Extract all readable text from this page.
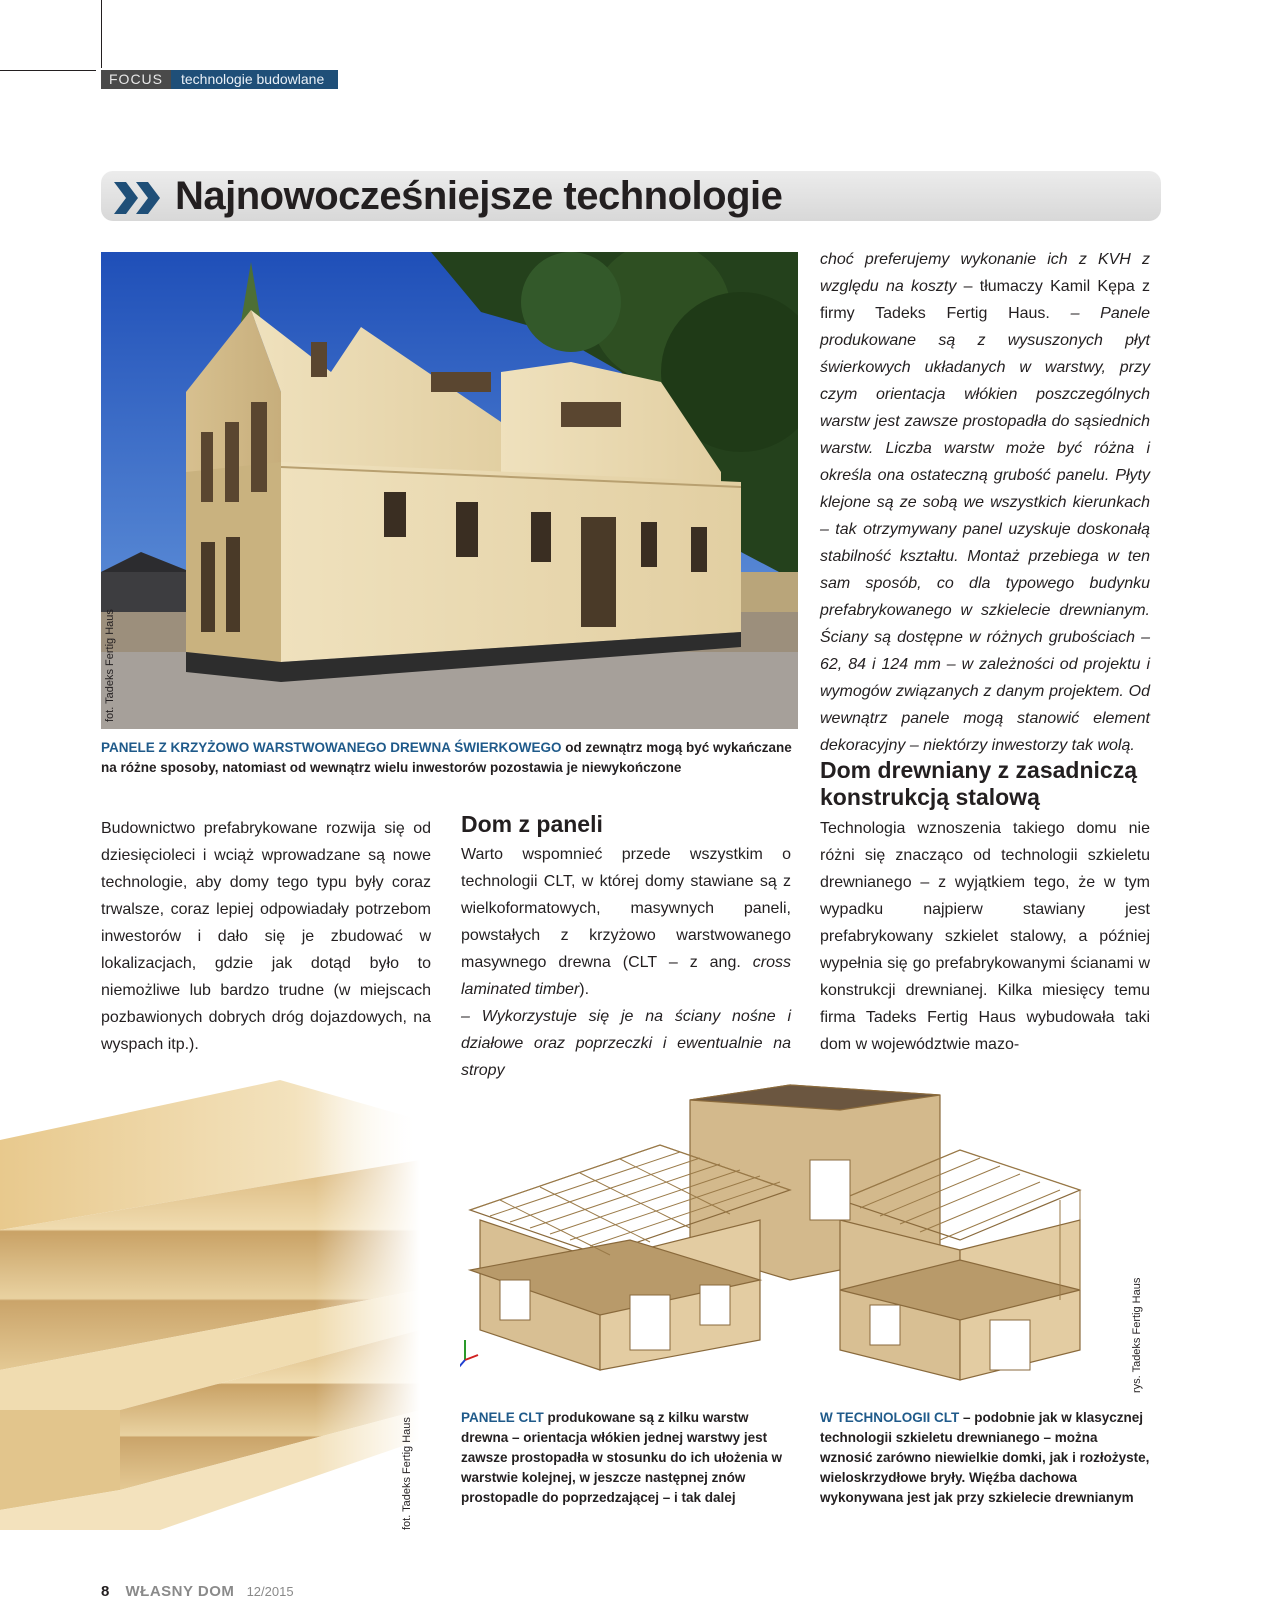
FOCUS	technologie budowlane
Najnowocześniejsze technologie
fot. Tadeks Fertig Haus
PANELE Z KRZYŻOWO WARSTWOWANEGO DREWNA ŚWIERKOWEGO od zewnątrz mogą być wykańczane na różne sposoby, natomiast od wewnątrz wielu inwestorów pozostawia je niewykończone
Budownictwo prefabrykowane rozwija się od dziesięcioleci i wciąż wprowadzane są nowe technologie, aby domy tego typu były coraz trwalsze, coraz lepiej odpowiadały potrzebom inwestorów i dało się je zbudować w lokalizacjach, gdzie jak dotąd było to niemożliwe lub bardzo trudne (w miejscach pozbawionych dobrych dróg dojazdowych, na wyspach itp.).
Dom z paneli
Warto wspomnieć przede wszystkim o technologii CLT, w której domy stawiane są z wielkoformatowych, masywnych paneli, powstałych z krzyżowo warstwowanego masywnego drewna (CLT – z ang. cross laminated timber).
– Wykorzystuje się je na ściany nośne i działowe oraz poprzeczki i ewentualnie na stropy
choć preferujemy wykonanie ich z KVH z względu na koszty – tłumaczy Kamil Kępa z firmy Tadeks Fertig Haus. – Panele produkowane są z wysuszonych płyt świerkowych układanych w warstwy, przy czym orientacja włókien poszczególnych warstw jest zawsze prostopadła do sąsiednich warstw. Liczba warstw może być różna i określa ona ostateczną grubość panelu. Płyty klejone są ze sobą we wszystkich kierunkach – tak otrzymywany panel uzyskuje doskonałą stabilność kształtu. Montaż przebiega w ten sam sposób, co dla typowego budynku prefabrykowanego w szkielecie drewnianym. Ściany są dostępne w różnych grubościach – 62, 84 i 124 mm – w zależności od projektu i wymogów związanych z danym projektem. Od wewnątrz panele mogą stanowić element dekoracyjny – niektórzy inwestorzy tak wolą.
Dom drewniany z zasadniczą konstrukcją stalową
Technologia wznoszenia takiego domu nie różni się znacząco od technologii szkieletu drewnianego – z wyjątkiem tego, że w tym wypadku najpierw stawiany jest prefabrykowany szkielet stalowy, a później wypełnia się go prefabrykowanymi ścianami w konstrukcji drewnianej. Kilka miesięcy temu firma Tadeks Fertig Haus wybudowała taki dom w województwie mazo-
fot. Tadeks Fertig Haus	PANELE CLT produkowane są z kilku warstw drewna – orientacja włókien jednej warstwy jest zawsze prostopadła w stosunku do ich ułożenia w warstwie kolejnej, w jeszcze następnej znów prostopadle do poprzedzającej – i tak dalej
rys. Tadeks Fertig Haus
W TECHNOLOGII CLT – podobnie jak w klasycznej technologii szkieletu drewnianego – można wznosić zarówno niewielkie domki, jak i rozłożyste, wieloskrzydłowe bryły. Więźba dachowa wykonywana jest jak przy szkielecie drewnianym
8 WŁASNY DOM 12/2015
